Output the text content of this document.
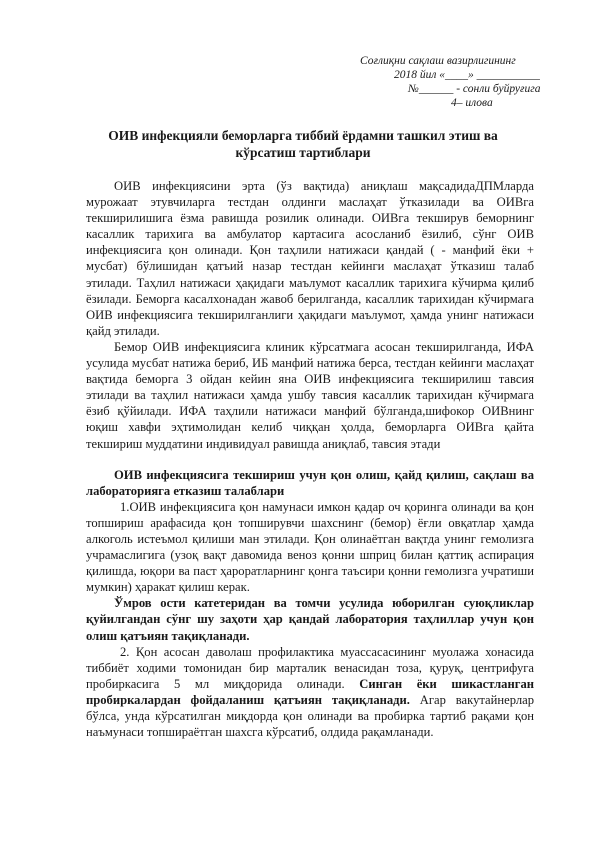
Соғлиқни сақлаш вазирлигининг
2018 йил «____» ___________
№______ - сонли буйруғига
4– илова
ОИВ инфекцияли беморларга тиббий ёрдамни ташкил этиш ва кўрсатиш тартиблари

ОИВ инфекциясини эрта (ўз вақтида) аниқлаш мақсадидаДПМларда мурожаат этувчиларга тестдан олдинги маслаҳат ўтказилади ва ОИВга текширилишига ёзма равишда розилик олинади. ОИВга текширув беморнинг касаллик тарихига ва амбулатор картасига асосланиб ёзилиб, сўнг ОИВ инфекциясига қон олинади. Қон таҳлили натижаси қандай ( - манфий ёки + мусбат) бўлишидан қатъий назар тестдан кейинги маслаҳат ўтказиш талаб этилади. Таҳлил натижаси ҳақидаги маълумот касаллик тарихига кўчирма қилиб ёзилади. Беморга касалхонадан жавоб берилганда, касаллик тарихидан кўчирмага ОИВ инфекциясига текширилганлиги ҳақидаги маълумот, ҳамда унинг натижаси қайд этилади.

Бемор ОИВ инфекциясига клиник кўрсатмага асосан текширилганда, ИФА усулида мусбат натижа бериб, ИБ манфий натижа берса, тестдан кейинги маслаҳат вақтида беморга 3 ойдан кейин яна ОИВ инфекциясига текширилиш тавсия этилади ва таҳлил натижаси ҳамда ушбу тавсия касаллик тарихидан кўчирмага ёзиб қўйилади. ИФА таҳлили натижаси манфий бўлганда,шифокор ОИВнинг юқиш хавфи эҳтимолидан келиб чиққан ҳолда, беморларга ОИВга қайта текшириш муддатини индивидуал равишда аниқлаб, тавсия этади

ОИВ инфекциясига текшириш учун қон олиш, қайд қилиш, сақлаш ва лабораторияга етказиш талаблари

1.ОИВ инфекциясига қон намунаси имкон қадар оч қоринга олинади ва қон топшириш арафасида қон топширувчи шахснинг (бемор) ёғли овқатлар ҳамда алкоголь истеъмол қилиши ман этилади. Қон олинаётган вақтда унинг гемолизга учрамаслигига (узоқ вақт давомида веноз қонни шприц билан қаттиқ аспирация қилишда, юқори ва паст ҳароратларнинг қонга таъсири қонни гемолизга учратиши мумкин) ҳаракат қилиш керак.

Ўмров ости катетеридан ва томчи усулида юборилган суюқликлар қуйилгандан сўнг шу заҳоти ҳар қандай лаборатория таҳлиллар учун қон олиш қатъиян тақиқланади.

2. Қон асосан даволаш профилактика муассасасининг муолажа хонасида тиббиёт ходими томонидан бир марталик венасидан тоза, қуруқ, центрифуга пробиркасига 5 мл миқдорида олинади. Синган ёки шикастланган пробиркалардан фойдаланиш қатъиян тақиқланади. Агар вакутайнерлар бўлса, унда кўрсатилган миқдорда қон олинади ва пробирка тартиб рақами қон наъмунаси топшираётган шахсга кўрсатиб, олдида рақамланади.
